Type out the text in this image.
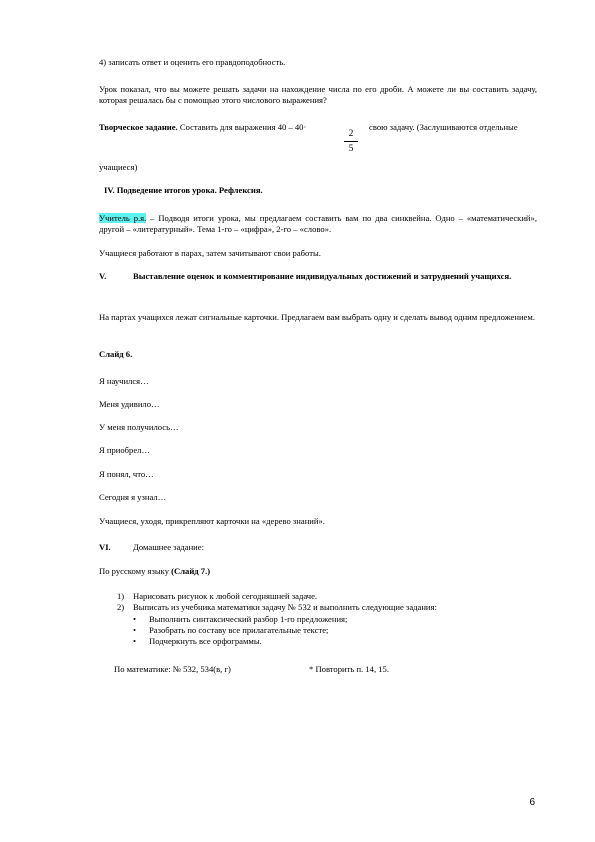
4) записать ответ и оценить его правдоподобность.

Урок показал, что вы можете решать задачи на нахождение числа по его дроби. А можете ли вы составить задачу, которая решалась бы с помощью этого числового выражения?

Творческое задание. Составить для выражения 40 – 40·

2
5

свою задачу. (Заслушиваются отдельные

учащиеся)

IV. Подведение итогов урока. Рефлексия.

Учитель р.я. – Подводя итоги урока, мы предлагаем составить вам по два синквейна. Одно – «математический», другой – «литературный». Тема 1-го – «цифра», 2-го – «слово».

Учащиеся работают в парах, затем зачитывают свои работы.

V.	Выставление оценок и комментирование индивидуальных достижений и затруднений учащихся.

На партах учащихся лежат сигнальные карточки. Предлагаем вам выбрать одну и сделать вывод одним предложением.

Слайд 6.

Я научился…

Меня удивило…

У меня получилось…

Я приобрел…

Я понял, что…

Сегодня я узнал…

Учащиеся, уходя, прикрепляют карточки на «дерево знаний».

VI.	Домашнее задание:

По русскому языку (Слайд 7.)

1) Нарисовать рисунок к любой сегодняшней задаче.
2) Выписать из учебника математики задачу № 532 и выполнить следующие задания:
• Выполнить синтаксический разбор 1-го предложения;
• Разобрать по составу все прилагательные тексте;
• Подчеркнуть все орфограммы.

По математике: № 532, 534(в, г)	* Повторить п. 14, 15.

6
